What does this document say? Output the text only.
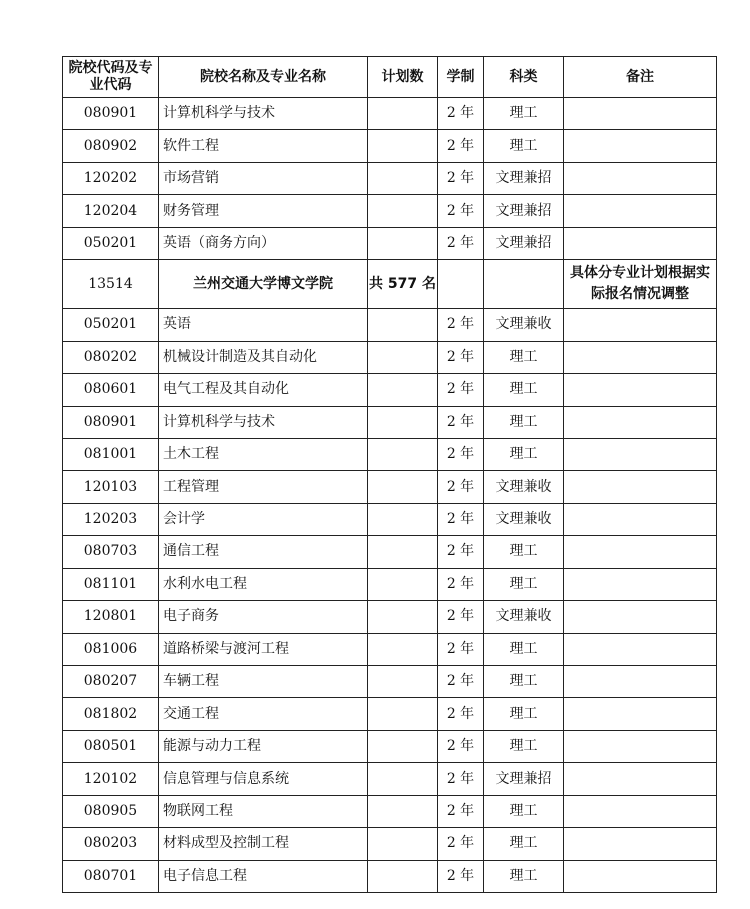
院校代码及专业代码	院校名称及专业名称	计划数	学制	科类	备注
080901	计算机科学与技术		2 年	理工	
080902	软件工程		2 年	理工	
120202	市场营销		2 年	文理兼招	
120204	财务管理		2 年	文理兼招	
050201	英语（商务方向）		2 年	文理兼招	
13514	兰州交通大学博文学院	共 577 名			具体分专业计划根据实际报名情况调整
050201	英语		2 年	文理兼收	
080202	机械设计制造及其自动化		2 年	理工	
080601	电气工程及其自动化		2 年	理工	
080901	计算机科学与技术		2 年	理工	
081001	土木工程		2 年	理工	
120103	工程管理		2 年	文理兼收	
120203	会计学		2 年	文理兼收	
080703	通信工程		2 年	理工	
081101	水利水电工程		2 年	理工	
120801	电子商务		2 年	文理兼收	
081006	道路桥梁与渡河工程		2 年	理工	
080207	车辆工程		2 年	理工	
081802	交通工程		2 年	理工	
080501	能源与动力工程		2 年	理工	
120102	信息管理与信息系统		2 年	文理兼招	
080905	物联网工程		2 年	理工	
080203	材料成型及控制工程		2 年	理工	
080701	电子信息工程		2 年	理工	
